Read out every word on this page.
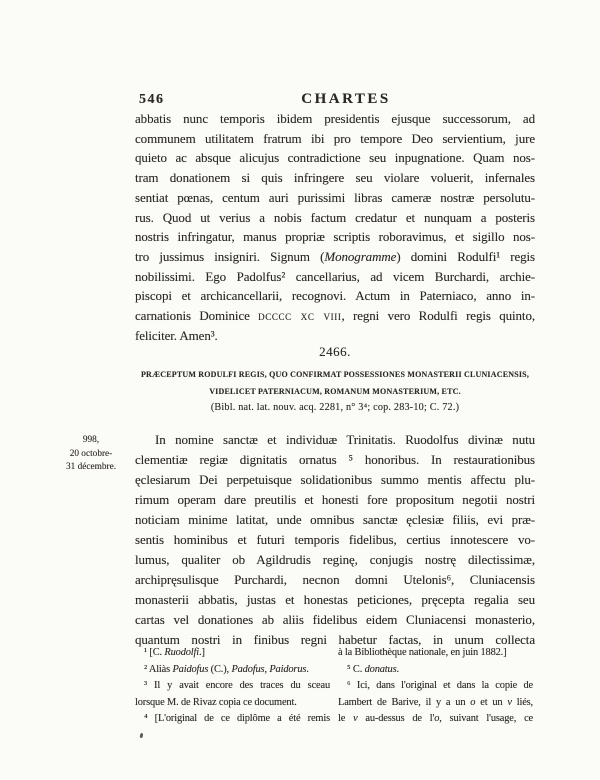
546	CHARTES
abbatis nunc temporis ibidem presidentis ejusque successorum, ad
communem utilitatem fratrum ibi pro tempore Deo servientium, jure
quieto ac absque alicujus contradictione seu inpugnatione. Quam nos-
tram donationem si quis infringere seu violare voluerit, infernales
sentiat pœnas, centum auri purissimi libras cameræ nostræ persolutu-
rus. Quod ut verius a nobis factum credatur et nunquam a posteris
nostris infringatur, manus propriæ scriptis roboravimus, et sigillo nos-
tro jussimus insigniri. Signum (Monogramme) domini Rodulfi¹ regis
nobilissimi. Ego Padolfus² cancellarius, ad vicem Burchardi, archie-
piscopi et archicancellarii, recognovi. Actum in Paterniaco, anno in-
carnationis Dominice dcccc xc viii, regni vero Rodulfi regis quinto,
feliciter. Amen³.
2466.
PRÆCEPTUM RODULFI REGIS, QUO CONFIRMAT POSSESSIONES MONASTERII CLUNIACENSIS,
VIDELICET PATERNIACUM, ROMANUM MONASTERIUM, ETC.
(Bibl. nat. lat. nouv. acq. 2281, n° 3⁴; cop. 283-10; C. 72.)
998,
20 octobre-
31 décembre.
In nomine sanctæ et individuæ Trinitatis. Ruodolfus divinæ nutu
clementiæ regiæ dignitatis ornatus ⁵ honoribus. In restaurationibus
ęclesiarum Dei perpetuisque solidationibus summo mentis affectu plu-
rimum operam dare preutilis et honesti fore propositum negotii nostri
noticiam minime latitat, unde omnibus sanctæ ęclesiæ filiis, evi præ-
sentis hominibus et futuri temporis fidelibus, certius innotescere vo-
lumus, qualiter ob Agildrudis reginę, conjugis nostrę dilectissimæ,
archipręsulisque Purchardi, necnon domni Utelonis⁶, Cluniacensis
monasterii abbatis, justas et honestas peticiones, pręcepta regalia seu
cartas vel donationes ab aliis fidelibus eidem Cluniacensi monasterio,
quantum nostri in finibus regni habetur factas, in unum collecta
¹ [C. Ruodolfi.]
² Aliàs Paidofus (C.), Padofus, Paidorus.
³ Il y avait encore des traces du sceau
lorsque M. de Rivaz copia ce document.
⁴ [L'original de ce diplôme a été remis
à la Bibliothèque nationale, en juin 1882.]
⁵ C. donatus.
⁶ Ici, dans l'original et dans la copie de
Lambert de Barive, il y a un o et un v liés,
le v au-dessus de l'o, suivant l'usage, ce
